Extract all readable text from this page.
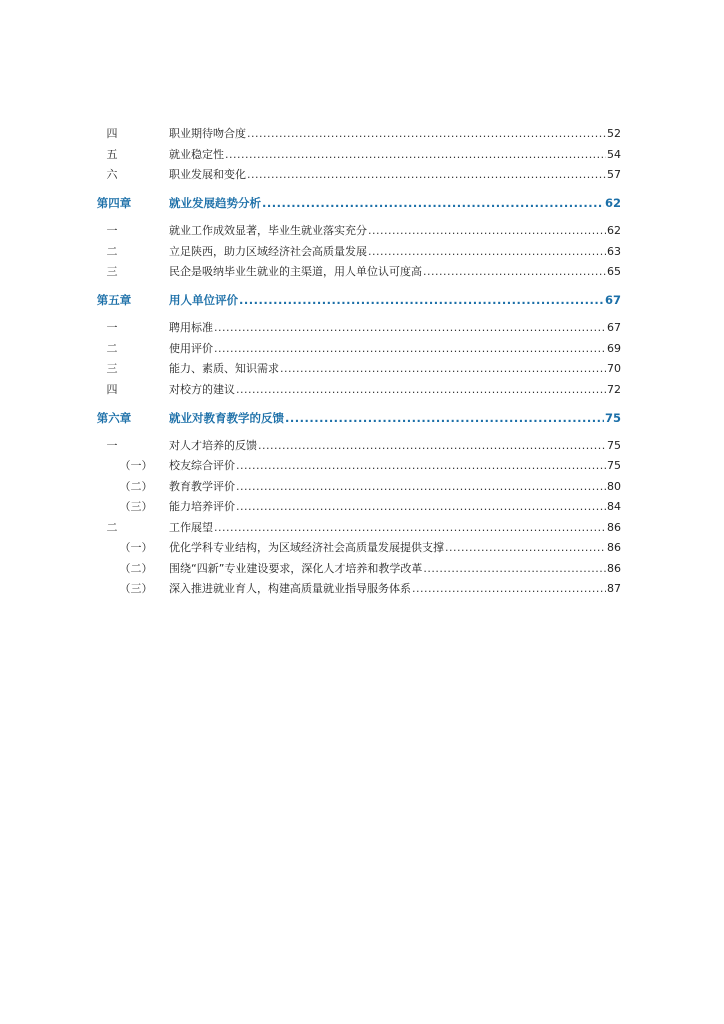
四	职业期待吻合度 .....	52
五	就业稳定性 .....	54
六	职业发展和变化 .....	57
第四章	就业发展趋势分析 .....	62
一	就业工作成效显著，毕业生就业落实充分 .....	62
二	立足陕西，助力区域经济社会高质量发展 .....	63
三	民企是吸纳毕业生就业的主渠道，用人单位认可度高 .....	65
第五章	用人单位评价 .....	67
一	聘用标准 .....	67
二	使用评价 .....	69
三	能力、素质、知识需求 .....	70
四	对校方的建议 .....	72
第六章	就业对教育教学的反馈 .....	75
一	对人才培养的反馈 .....	75
（一）	校友综合评价 .....	75
（二）	教育教学评价 .....	80
（三）	能力培养评价 .....	84
二	工作展望 .....	86
（一）	优化学科专业结构，为区域经济社会高质量发展提供支撑 .....	86
（二）	围绕“四新”专业建设要求，深化人才培养和教学改革 .....	86
（三）	深入推进就业育人，构建高质量就业指导服务体系 .....	87
